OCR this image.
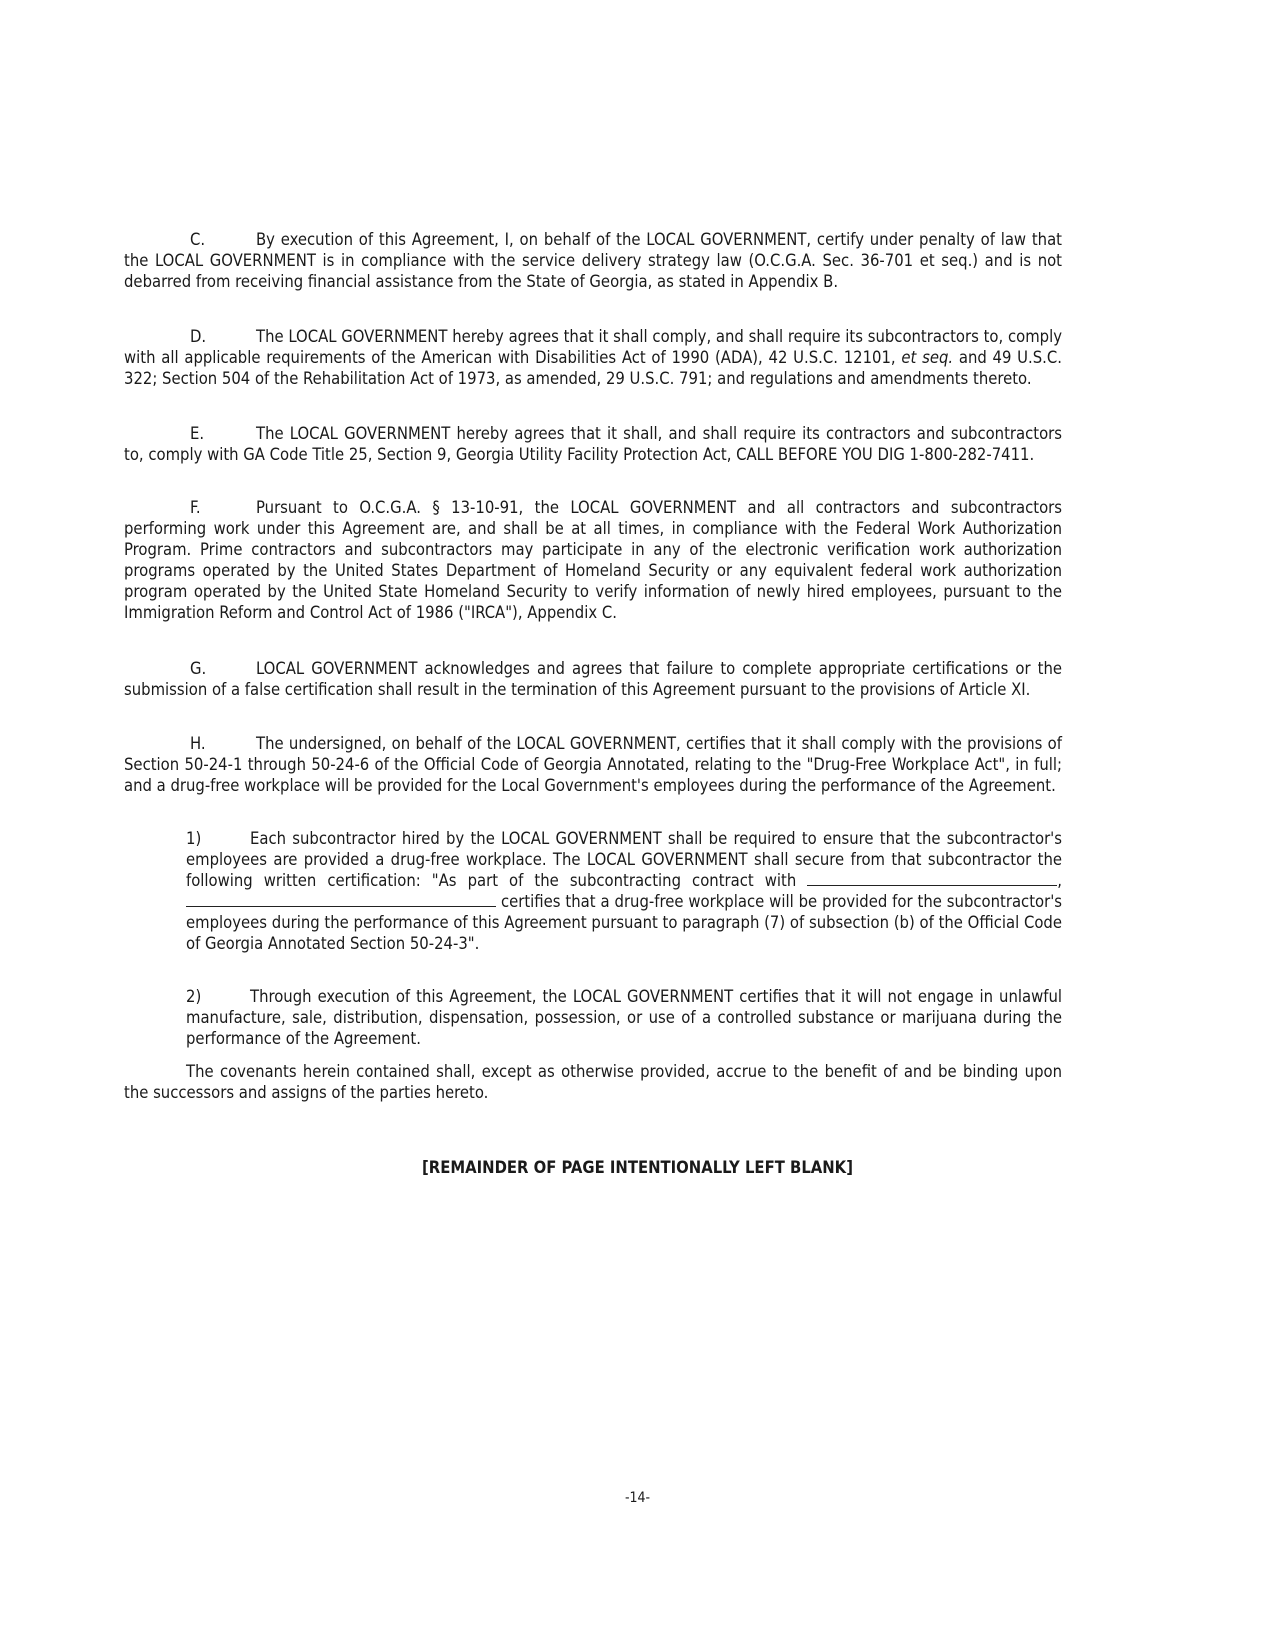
C.	By execution of this Agreement, I, on behalf of the LOCAL GOVERNMENT, certify under penalty of law that the LOCAL GOVERNMENT is in compliance with the service delivery strategy law (O.C.G.A. Sec. 36-701 et seq.) and is not debarred from receiving financial assistance from the State of Georgia, as stated in Appendix B.

D.	The LOCAL GOVERNMENT hereby agrees that it shall comply, and shall require its subcontractors to, comply with all applicable requirements of the American with Disabilities Act of 1990 (ADA), 42 U.S.C. 12101, et seq. and 49 U.S.C. 322; Section 504 of the Rehabilitation Act of 1973, as amended, 29 U.S.C. 791; and regulations and amendments thereto.

E.	The LOCAL GOVERNMENT hereby agrees that it shall, and shall require its contractors and subcontractors to, comply with GA Code Title 25, Section 9, Georgia Utility Facility Protection Act, CALL BEFORE YOU DIG 1-800-282-7411.

F.	Pursuant to O.C.G.A. § 13-10-91, the LOCAL GOVERNMENT and all contractors and subcontractors performing work under this Agreement are, and shall be at all times, in compliance with the Federal Work Authorization Program. Prime contractors and subcontractors may participate in any of the electronic verification work authorization programs operated by the United States Department of Homeland Security or any equivalent federal work authorization program operated by the United State Homeland Security to verify information of newly hired employees, pursuant to the Immigration Reform and Control Act of 1986 ("IRCA"), Appendix C.

G.	LOCAL GOVERNMENT acknowledges and agrees that failure to complete appropriate certifications or the submission of a false certification shall result in the termination of this Agreement pursuant to the provisions of Article XI.

H.	The undersigned, on behalf of the LOCAL GOVERNMENT, certifies that it shall comply with the provisions of Section 50-24-1 through 50-24-6 of the Official Code of Georgia Annotated, relating to the "Drug-Free Workplace Act", in full; and a drug-free workplace will be provided for the Local Government's employees during the performance of the Agreement.

1)	Each subcontractor hired by the LOCAL GOVERNMENT shall be required to ensure that the subcontractor's employees are provided a drug-free workplace. The LOCAL GOVERNMENT shall secure from that subcontractor the following written certification: "As part of the subcontracting contract with	,  certifies that a drug-free workplace will be provided for the subcontractor's employees during the performance of this Agreement pursuant to paragraph (7) of subsection (b) of the Official Code of Georgia Annotated Section 50-24-3".

2)	Through execution of this Agreement, the LOCAL GOVERNMENT certifies that it will not engage in unlawful manufacture, sale, distribution, dispensation, possession, or use of a controlled substance or marijuana during the performance of the Agreement.

The covenants herein contained shall, except as otherwise provided, accrue to the benefit of and be binding upon the successors and assigns of the parties hereto.

[REMAINDER OF PAGE INTENTIONALLY LEFT BLANK]
-14-
